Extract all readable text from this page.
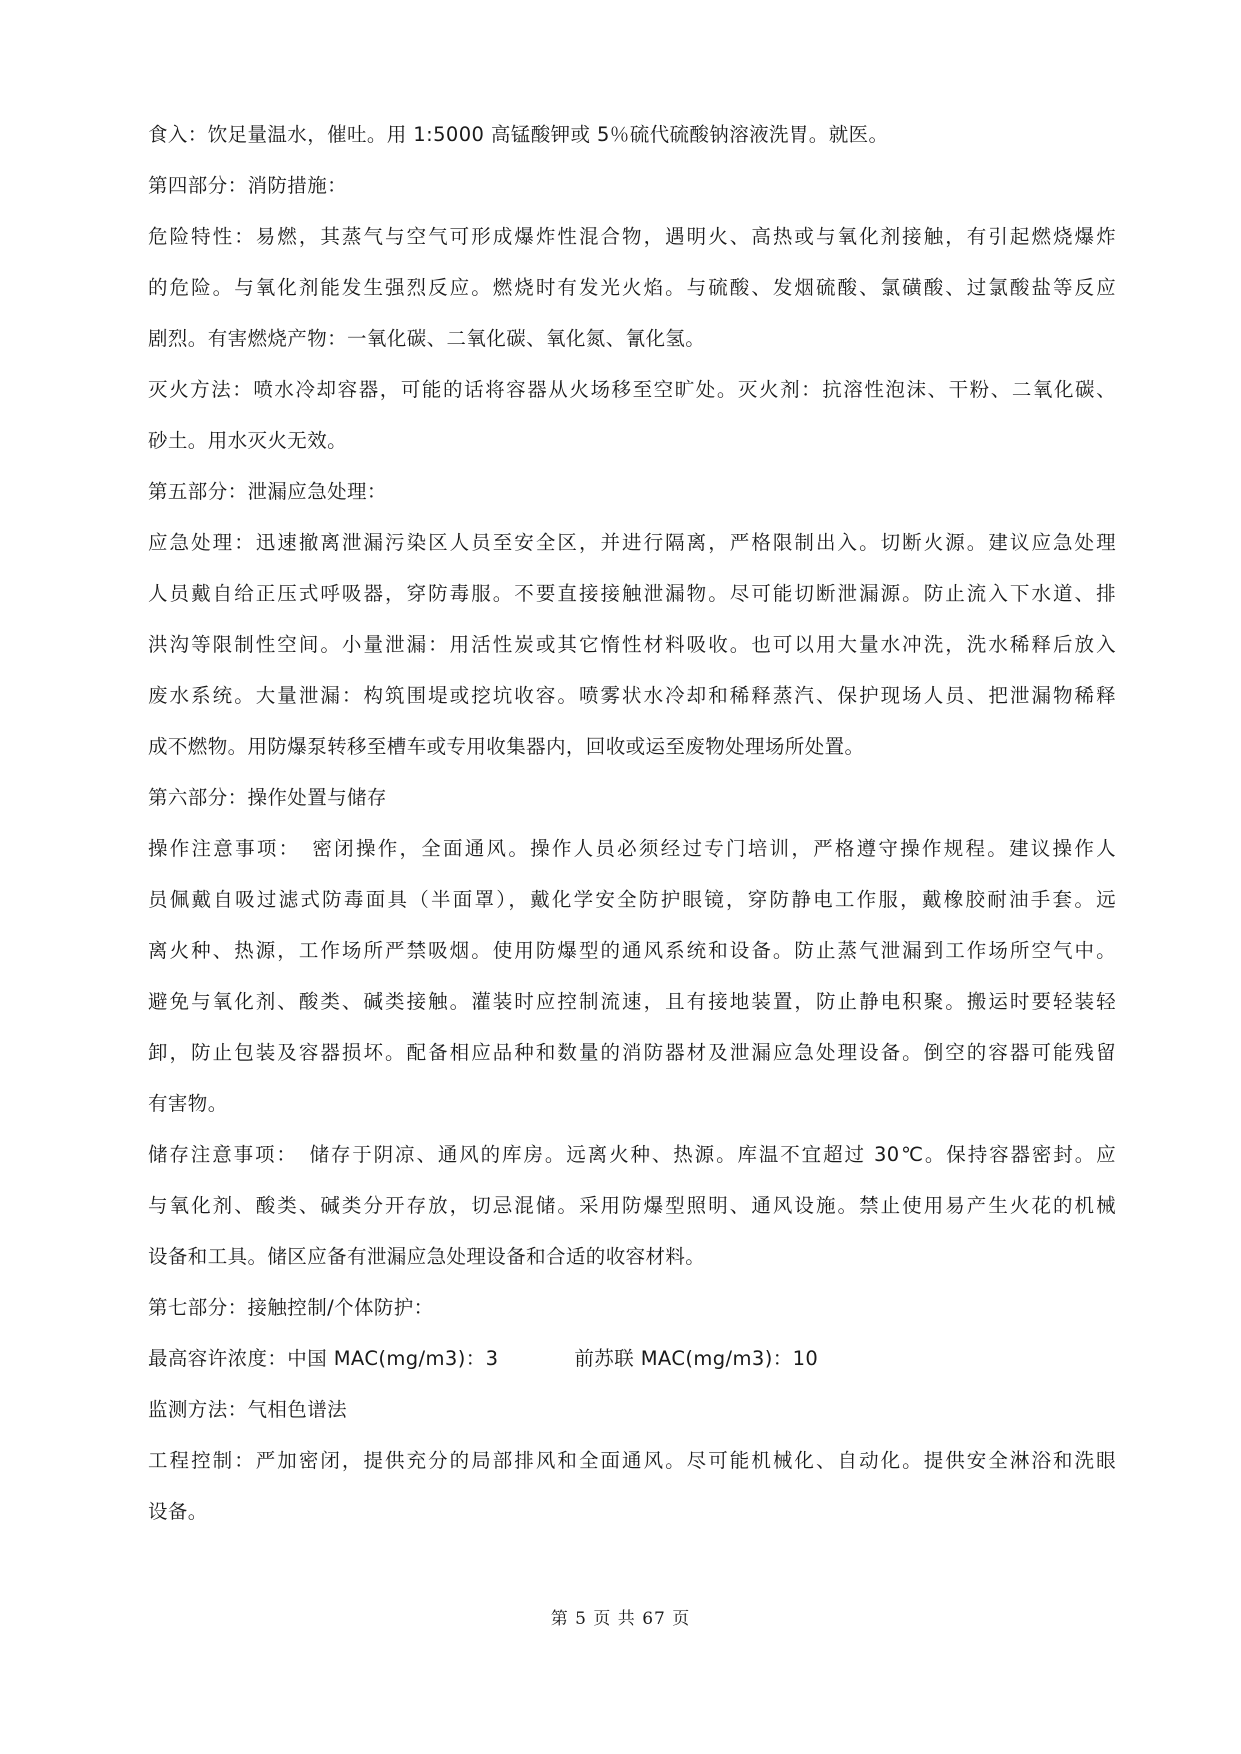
食入：饮足量温水，催吐。用 1:5000 高锰酸钾或 5％硫代硫酸钠溶液洗胃。就医。
第四部分：消防措施：
危险特性：易燃，其蒸气与空气可形成爆炸性混合物，遇明火、高热或与氧化剂接触，有引起燃烧爆炸
的危险。与氧化剂能发生强烈反应。燃烧时有发光火焰。与硫酸、发烟硫酸、氯磺酸、过氯酸盐等反应
剧烈。有害燃烧产物：一氧化碳、二氧化碳、氧化氮、氰化氢。
灭火方法：喷水冷却容器，可能的话将容器从火场移至空旷处。灭火剂：抗溶性泡沫、干粉、二氧化碳、
砂土。用水灭火无效。
第五部分：泄漏应急处理：
应急处理：迅速撤离泄漏污染区人员至安全区，并进行隔离，严格限制出入。切断火源。建议应急处理
人员戴自给正压式呼吸器，穿防毒服。不要直接接触泄漏物。尽可能切断泄漏源。防止流入下水道、排
洪沟等限制性空间。小量泄漏：用活性炭或其它惰性材料吸收。也可以用大量水冲洗，洗水稀释后放入
废水系统。大量泄漏：构筑围堤或挖坑收容。喷雾状水冷却和稀释蒸汽、保护现场人员、把泄漏物稀释
成不燃物。用防爆泵转移至槽车或专用收集器内，回收或运至废物处理场所处置。
第六部分：操作处置与储存
操作注意事项：　密闭操作，全面通风。操作人员必须经过专门培训，严格遵守操作规程。建议操作人
员佩戴自吸过滤式防毒面具（半面罩），戴化学安全防护眼镜，穿防静电工作服，戴橡胶耐油手套。远
离火种、热源，工作场所严禁吸烟。使用防爆型的通风系统和设备。防止蒸气泄漏到工作场所空气中。
避免与氧化剂、酸类、碱类接触。灌装时应控制流速，且有接地装置，防止静电积聚。搬运时要轻装轻
卸，防止包装及容器损坏。配备相应品种和数量的消防器材及泄漏应急处理设备。倒空的容器可能残留
有害物。
储存注意事项：　储存于阴凉、通风的库房。远离火种、热源。库温不宜超过 30℃。保持容器密封。应
与氧化剂、酸类、碱类分开存放，切忌混储。采用防爆型照明、通风设施。禁止使用易产生火花的机械
设备和工具。储区应备有泄漏应急处理设备和合适的收容材料。
第七部分：接触控制/个体防护：
最高容许浓度：中国 MAC(mg/m3)：3	前苏联 MAC(mg/m3)：10
监测方法：气相色谱法
工程控制：严加密闭，提供充分的局部排风和全面通风。尽可能机械化、自动化。提供安全淋浴和洗眼
设备。
第 5 页 共 67 页
